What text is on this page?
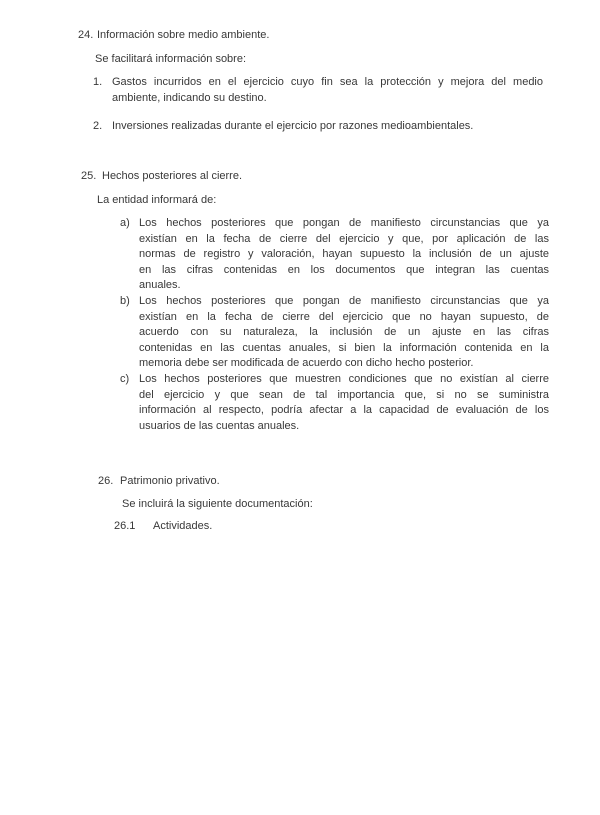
24. Información sobre medio ambiente.
Se facilitará información sobre:
1. Gastos incurridos en el ejercicio cuyo fin sea la protección y mejora del medio
ambiente, indicando su destino.
2. Inversiones realizadas durante el ejercicio por razones medioambientales.
25. Hechos posteriores al cierre.
La entidad informará de:
a) Los hechos posteriores que pongan de manifiesto circunstancias que ya
existían en la fecha de cierre del ejercicio y que, por aplicación de las
normas de registro y valoración, hayan supuesto la inclusión de un ajuste
en las cifras contenidas en los documentos que integran las cuentas
anuales.
b) Los hechos posteriores que pongan de manifiesto circunstancias que ya
existían en la fecha de cierre del ejercicio que no hayan supuesto, de
acuerdo con su naturaleza, la inclusión de un ajuste en las cifras
contenidas en las cuentas anuales, si bien la información contenida en la
memoria debe ser modificada de acuerdo con dicho hecho posterior.
c) Los hechos posteriores que muestren condiciones que no existían al cierre
del ejercicio y que sean de tal importancia que, si no se suministra
información al respecto, podría afectar a la capacidad de evaluación de los
usuarios de las cuentas anuales.
26. Patrimonio privativo.
Se incluirá la siguiente documentación:
26.1	Actividades.
